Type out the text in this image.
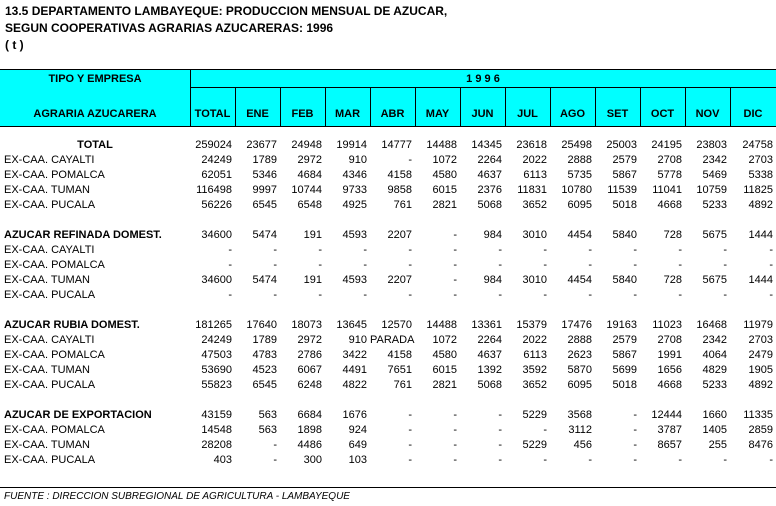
13.5 DEPARTAMENTO LAMBAYEQUE: PRODUCCION MENSUAL DE AZUCAR,
SEGUN COOPERATIVAS AGRARIAS AZUCARERAS: 1996
( t )
TIPO Y EMPRESA
AGRARIA AZUCARERA
1 9 9 6
TOTAL ENE FEB MAR ABR MAY JUN JUL AGO SET OCT NOV DIC
TOTAL	259024	23677	24948	19914	14777	14488	14345	23618	25498	25003	24195	23803	24758
EX-CAA. CAYALTI	24249	1789	2972	910	-	1072	2264	2022	2888	2579	2708	2342	2703
EX-CAA. POMALCA	62051	5346	4684	4346	4158	4580	4637	6113	5735	5867	5778	5469	5338
EX-CAA. TUMAN	116498	9997	10744	9733	9858	6015	2376	11831	10780	11539	11041	10759	11825
EX-CAA. PUCALA	56226	6545	6548	4925	761	2821	5068	3652	6095	5018	4668	5233	4892

AZUCAR REFINADA DOMEST.	34600	5474	191	4593	2207	-	984	3010	4454	5840	728	5675	1444
EX-CAA. CAYALTI	-	-	-	-	-	-	-	-	-	-	-	-	-
EX-CAA. POMALCA	-	-	-	-	-	-	-	-	-	-	-	-	-
EX-CAA. TUMAN	34600	5474	191	4593	2207	-	984	3010	4454	5840	728	5675	1444
EX-CAA. PUCALA	-	-	-	-	-	-	-	-	-	-	-	-	-

AZUCAR RUBIA DOMEST.	181265	17640	18073	13645	12570	14488	13361	15379	17476	19163	11023	16468	11979
EX-CAA. CAYALTI	24249	1789	2972	910	PARADA	1072	2264	2022	2888	2579	2708	2342	2703
EX-CAA. POMALCA	47503	4783	2786	3422	4158	4580	4637	6113	2623	5867	1991	4064	2479
EX-CAA. TUMAN	53690	4523	6067	4491	7651	6015	1392	3592	5870	5699	1656	4829	1905
EX-CAA. PUCALA	55823	6545	6248	4822	761	2821	5068	3652	6095	5018	4668	5233	4892

AZUCAR DE EXPORTACION	43159	563	6684	1676	-	-	-	5229	3568	-	12444	1660	11335
EX-CAA. POMALCA	14548	563	1898	924	-	-	-	-	3112	-	3787	1405	2859
EX-CAA. TUMAN	28208	-	4486	649	-	-	-	5229	456	-	8657	255	8476
EX-CAA. PUCALA	403	-	300	103	-	-	-	-	-	-	-	-	-
FUENTE : DIRECCION SUBREGIONAL DE AGRICULTURA - LAMBAYEQUE
